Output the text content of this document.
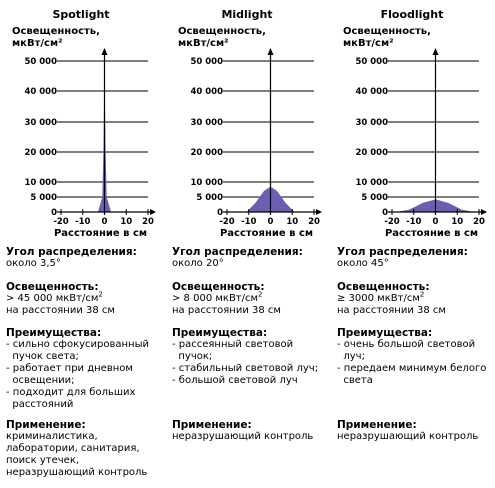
Spotlight
Освещенность,
мкВт/см²
0
5 000
10 000
20 000
30 000
40 000
50 000
-20 -10 0 10 20
Расстояние в см
Угол распределения:
около 3,5°
Освещенность:
> 45 000 мкВт/$см^2$
на расстоянии 38 см
Преимущества:
- сильно сфокусированный
пучок света;
- работает при дневном
освещении;
- подходит для больших
расстояний
Применение:
криминалистика,
лаборатории, санитария,
поиск утечек,
неразрушающий контроль
Midlight
Освещенность,
мкВт/см²
0
5 000
10 000
20 000
30 000
40 000
50 000
-20 -10 0 10 20
Расстояние в см
Угол распределения:
около 20°
Освещенность:
> 8 000 мкВт/$см^2$
на расстоянии 38 см
Преимущества:
- рассеянный световой
пучок;
- стабильный световой луч;
- большой световой луч
Применение:
неразрушающий контроль
Floodlight
Освещенность,
мкВт/см²
0
5 000
10 000
20 000
30 000
40 000
50 000
-20 -10 0 10 20
Расстояние в см
Угол распределения:
около 45°
Освещенность:
≥ 3000 мкВт/$см^2$
на расстоянии 38 см
Преимущества:
- очень большой световой
луч;
- передаем минимум белого
света
Применение:
неразрушающий контроль
